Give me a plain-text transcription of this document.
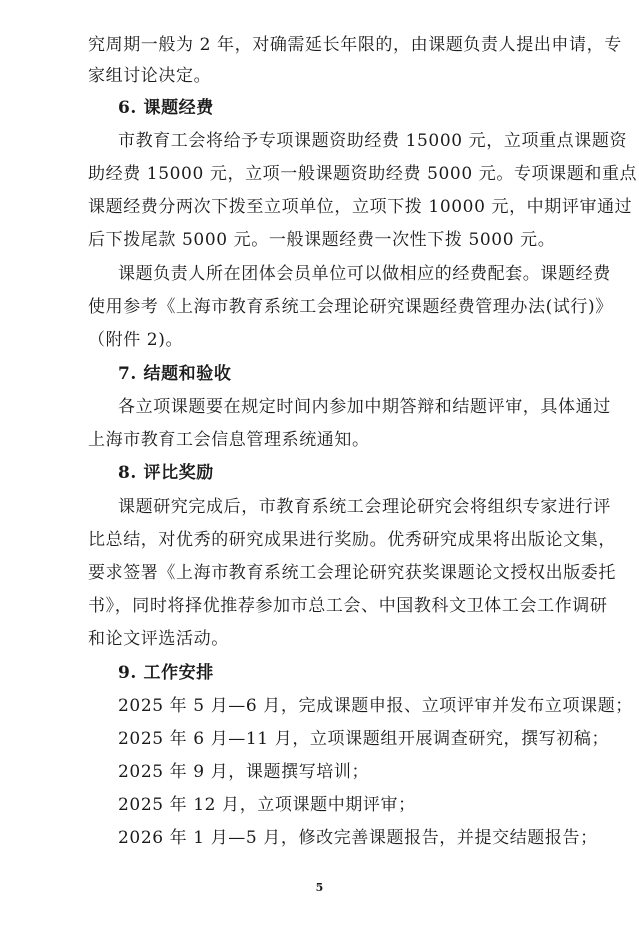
究周期一般为 2 年，对确需延长年限的，由课题负责人提出申请，专
家组讨论决定。
6. 课题经费
市教育工会将给予专项课题资助经费 15000 元，立项重点课题资
助经费 15000 元，立项一般课题资助经费 5000 元。专项课题和重点
课题经费分两次下拨至立项单位，立项下拨 10000 元，中期评审通过
后下拨尾款 5000 元。一般课题经费一次性下拨 5000 元。
课题负责人所在团体会员单位可以做相应的经费配套。课题经费
使用参考《上海市教育系统工会理论研究课题经费管理办法(试行)》
（附件 2)。
7. 结题和验收
各立项课题要在规定时间内参加中期答辩和结题评审，具体通过
上海市教育工会信息管理系统通知。
8. 评比奖励
课题研究完成后，市教育系统工会理论研究会将组织专家进行评
比总结，对优秀的研究成果进行奖励。优秀研究成果将出版论文集，
要求签署《上海市教育系统工会理论研究获奖课题论文授权出版委托
书》，同时将择优推荐参加市总工会、中国教科文卫体工会工作调研
和论文评选活动。
9. 工作安排
2025 年 5 月—6 月，完成课题申报、立项评审并发布立项课题；
2025 年 6 月—11 月，立项课题组开展调查研究，撰写初稿；
2025 年 9 月，课题撰写培训；
2025 年 12 月，立项课题中期评审；
2026 年 1 月—5 月，修改完善课题报告，并提交结题报告；
5
